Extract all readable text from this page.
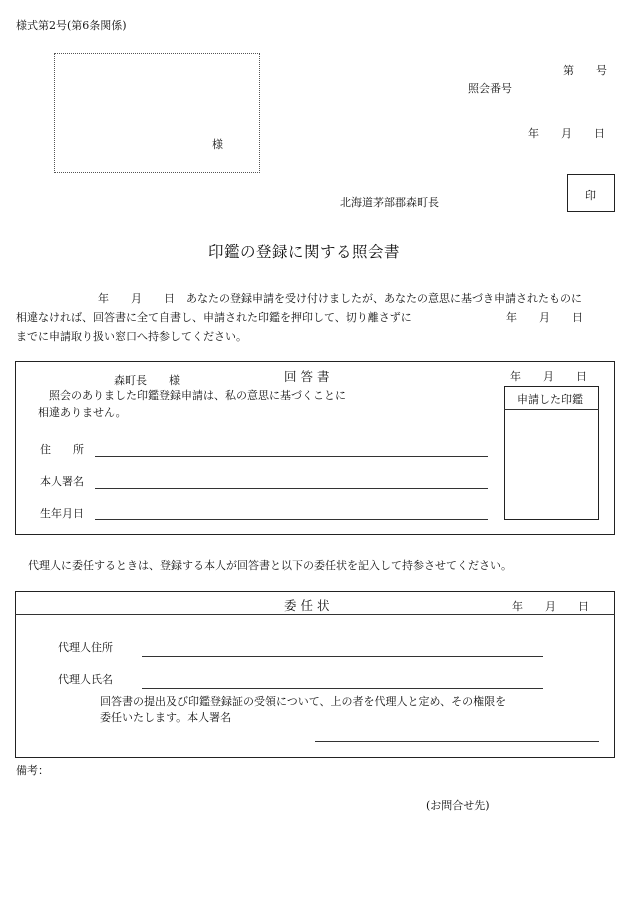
様式第2号(第6条関係)
様
第　　号
照会番号
年　　月　　日
北海道茅部郡森町長
印
印鑑の登録に関する照会書
年　　月　　日　あなたの登録申請を受け付けましたが、あなたの意思に基づき申請されたものに
相違なければ、回答書に全て自書し、申請された印鑑を押印して、切り離さずに	年　　月　　日
までに申請取り扱い窓口へ持参してください。
森町長　　様	回 答 書	年　　月　　日
照会のありました印鑑登録申請は、私の意思に基づくことに
相違ありません。
申請した印鑑
住　　所
本人署名
生年月日
代理人に委任するときは、登録する本人が回答書と以下の委任状を記入して持参させてください。
委 任 状	年　　月　　日
代理人住所
代理人氏名
回答書の提出及び印鑑登録証の受領について、上の者を代理人と定め、その権限を
委任いたします。本人署名
備考：
(お問合せ先)
